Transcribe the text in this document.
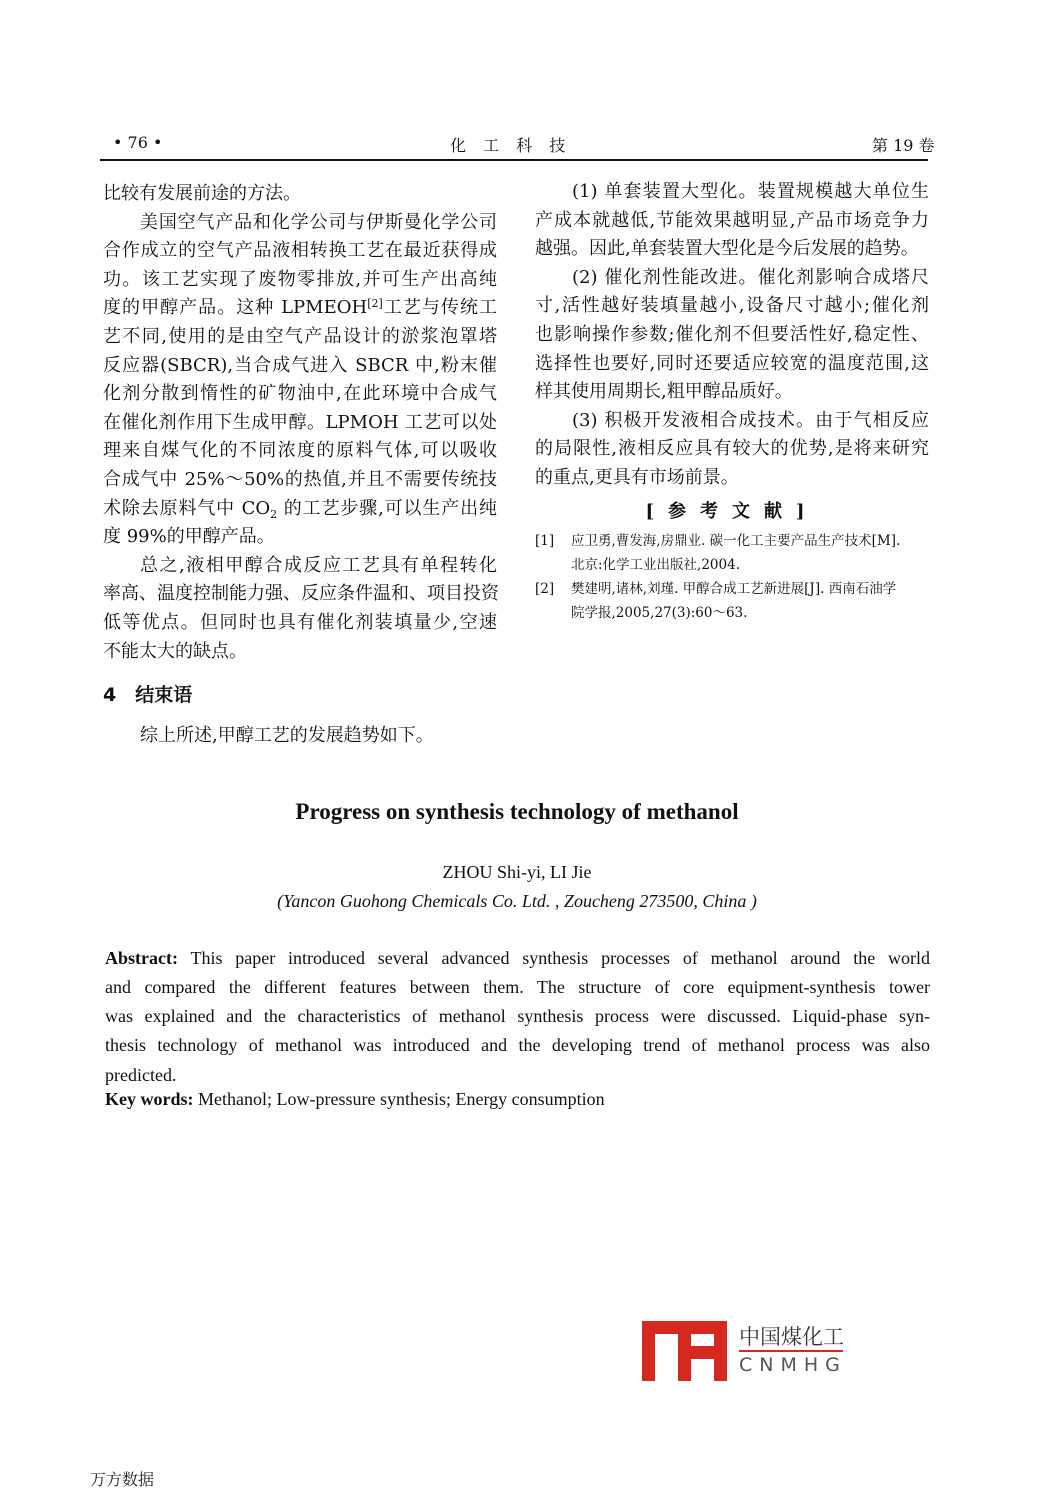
• 76 •	化 工 科 技	第 19 卷
比较有发展前途的方法。
美国空气产品和化学公司与伊斯曼化学公司
合作成立的空气产品液相转换工艺在最近获得成
功。该工艺实现了废物零排放,并可生产出高纯
度的甲醇产品。这种 LPMEOH[2]工艺与传统工
艺不同,使用的是由空气产品设计的淤浆泡罩塔
反应器(SBCR),当合成气进入 SBCR 中,粉末催
化剂分散到惰性的矿物油中,在此环境中合成气
在催化剂作用下生成甲醇。LPMOH 工艺可以处
理来自煤气化的不同浓度的原料气体,可以吸收
合成气中 25%～50%的热值,并且不需要传统技
术除去原料气中 $CO_2$ 的工艺步骤,可以生产出纯
度 99%的甲醇产品。
总之,液相甲醇合成反应工艺具有单程转化
率高、温度控制能力强、反应条件温和、项目投资
低等优点。但同时也具有催化剂装填量少,空速
不能太大的缺点。
4　结束语
综上所述,甲醇工艺的发展趋势如下。
(1) 单套装置大型化。装置规模越大单位生
产成本就越低,节能效果越明显,产品市场竞争力
越强。因此,单套装置大型化是今后发展的趋势。
(2) 催化剂性能改进。催化剂影响合成塔尺
寸,活性越好装填量越小,设备尺寸越小;催化剂
也影响操作参数;催化剂不但要活性好,稳定性、
选择性也要好,同时还要适应较宽的温度范围,这
样其使用周期长,粗甲醇品质好。
(3) 积极开发液相合成技术。由于气相反应
的局限性,液相反应具有较大的优势,是将来研究
的重点,更具有市场前景。
[参考文献]
[1] 应卫勇,曹发海,房鼎业. 碳一化工主要产品生产技术[M].
北京:化学工业出版社,2004.
[2] 樊建明,诸林,刘瑾. 甲醇合成工艺新进展[J]. 西南石油学
院学报,2005,27(3):60～63.
Progress on synthesis technology of methanol
ZHOU Shi-yi, LI Jie
(Yancon Guohong Chemicals Co. Ltd. , Zoucheng 273500, China )
Abstract: This paper introduced several advanced synthesis processes of methanol around the world
and compared the different features between them. The structure of core equipment-synthesis tower
was explained and the characteristics of methanol synthesis process were discussed. Liquid-phase syn-
thesis technology of methanol was introduced and the developing trend of methanol process was also
predicted.
Key words: Methanol; Low-pressure synthesis; Energy consumption
中国煤化工
CNMHG
万方数据
